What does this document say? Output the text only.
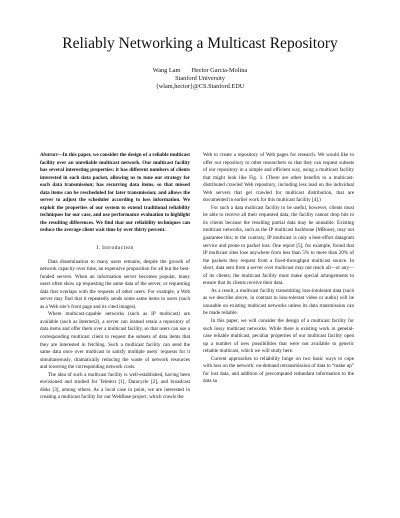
Reliably Networking a Multicast Repository
Wang Lam       Hector Garcia-Molina
Stanford University
{wlam,hector}@CS.Stanford.EDU
Abstract—In this paper, we consider the design of a reliable multicast facility over an unreliable multicast network. Our multicast facility has several interesting properties: it has different numbers of clients interested in each data packet, allowing us to tune our strategy for each data transmission; has recurring data items, so that missed data items can be rescheduled for later transmission; and allows the server to adjust the scheduler according to loss information. We exploit the properties of our system to extend traditional reliability techniques for our case, and use performance evaluation to highlight the resulting differences. We find that our reliability techniques can reduce the average client wait time by over thirty percent.
I. Introduction

Data dissemination to many users remains, despite the growth of network capacity over time, an expensive proposition for all but the best-funded servers. When an information server becomes popular, many users often show up requesting the same data of the server, or requesting data that overlaps with the requests of other users. For example, a Web server may find that it repeatedly sends some same items to users (such as a Web site’s front page and its cited images).

Where multicast-capable networks (such as IP multicast) are available (such as Internet2), a server can instead retain a repository of data items and offer them over a multicast facility, so that users can use a corresponding multicast client to request the subsets of data items that they are interested in fetching. Such a multicast facility can send the same data once over multicast to satisfy multiple users’ requests for it simultaneously, dramatically reducing the waste of network resources and lowering the corresponding network costs.

The idea of such a multicast facility is well-established, having been envisioned and studied for Teletext [1], Datacycle [2], and broadcast disks [3], among others. As a local case in point, we are interested in creating a multicast facility for our WebBase project, which crawls the

Web to create a repository of Web pages for research. We would like to offer our repository to other researchers so that they can request subsets of our repository in a simple and efficient way, using a multicast facility that might look like Fig. 1. (There are other benefits to a multicast-distributed crawled Web repository, including less load on the individual Web servers that get crawled for multicast distribution, that are documented in earlier work for this multicast facility [4].)

For such a data multicast facility to be useful, however, clients must be able to receive all their requested data; the facility cannot drop bits to its clients because the resulting partial data may be unusable. Existing multicast networks, such as the IP multicast backbone (MBone), may not guarantee this; to the contrary, IP multicast is only a best-effort datagram service and prone to packet loss. One report [5], for example, found that IP multicast sites lose anywhere from less than 5% to more than 20% of the packets they request from a fixed-throughput multicast source. In short, data sent from a server over multicast may not reach all—or any—of its clients; the multicast facility must make special arrangements to ensure that its clients receive their data.

As a result, a multicast facility transmitting loss-intolerant data (such as we describe above, in contrast to loss-tolerant video or audio) will be unusable on existing multicast networks unless its data transmission can be made reliable.

In this paper, we will consider the design of a multicast facility for such lossy multicast networks. While there is existing work in general-case reliable multicast, peculiar properties of our multicast facility open up a number of new possibilities that were not available to generic reliable multicast, which we will study here.

Current approaches to reliability hinge on two basic ways to cope with loss on the network: on-demand retransmission of data to “make up” for lost data, and addition of precomputed redundant information to the data so
